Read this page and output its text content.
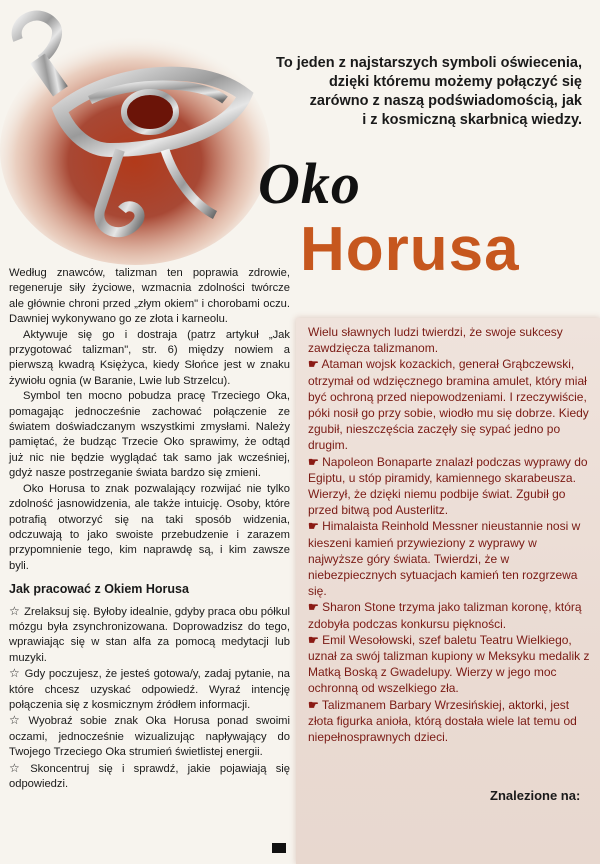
To jeden z najstarszych symboli oświecenia,
dzięki któremu możemy połączyć się
zarówno z naszą podświadomością, jak
i z kosmiczną skarbnicą wiedzy.
Oko
Horusa

Według znawców, talizman ten poprawia zdrowie, regeneruje siły życiowe, wzmacnia zdolności twórcze ale głównie chroni przed „złym okiem" i chorobami oczu. Dawniej wykonywano go ze złota i karneolu.

Aktywuje się go i dostraja (patrz artykuł „Jak przygotować talizman", str. 6) między nowiem a pierwszą kwadrą Księżyca, kiedy Słońce jest w znaku żywiołu ognia (w Baranie, Lwie lub Strzelcu).

Symbol ten mocno pobudza pracę Trzeciego Oka, pomagając jednocześnie zachować połączenie ze światem doświadczanym wszystkimi zmysłami. Należy pamiętać, że budząc Trzecie Oko sprawimy, że odtąd już nic nie będzie wyglądać tak samo jak wcześniej, gdyż nasze postrzeganie świata bardzo się zmieni.

Oko Horusa to znak pozwalający rozwijać nie tylko zdolność jasnowidzenia, ale także intuicję. Osoby, które potrafią otworzyć się na taki sposób widzenia, odczuwają to jako swoiste przebudzenie i zarazem przypomnienie tego, kim naprawdę są, i kim zawsze byli.

Jak pracować z Okiem Horusa

☆ Zrelaksuj się. Byłoby idealnie, gdyby praca obu półkul mózgu była zsynchronizowana. Doprowadzisz do tego, wprawiając się w stan alfa za pomocą medytacji lub muzyki.

☆ Gdy poczujesz, że jesteś gotowa/y, zadaj pytanie, na które chcesz uzyskać odpowiedź. Wyraź intencję połączenia się z kosmicznym źródłem informacji.

☆ Wyobraź sobie znak Oka Horusa ponad swoimi oczami, jednocześnie wizualizując napływający do Twojego Trzeciego Oka strumień świetlistej energii.

☆ Skoncentruj się i sprawdź, jakie pojawiają się odpowiedzi.

Wielu sławnych ludzi twierdzi, że swoje sukcesy zawdzięcza talizmanom.

☛ Ataman wojsk kozackich, generał Grąbczewski, otrzymał od wdzięcznego bramina amulet, który miał być ochroną przed niepowodzeniami. I rzeczywiście, póki nosił go przy sobie, wiodło mu się dobrze. Kiedy zgubił, nieszczęścia zaczęły się sypać jedno po drugim.

☛ Napoleon Bonaparte znalazł podczas wyprawy do Egiptu, u stóp piramidy, kamiennego skarabeusza. Wierzył, że dzięki niemu podbije świat. Zgubił go przed bitwą pod Austerlitz.

☛ Himalaista Reinhold Messner nieustannie nosi w kieszeni kamień przywieziony z wyprawy w najwyższe góry świata. Twierdzi, że w niebezpiecznych sytuacjach kamień ten rozgrzewa się.

☛ Sharon Stone trzyma jako talizman koronę, którą zdobyła podczas konkursu piękności.

☛ Emil Wesołowski, szef baletu Teatru Wielkiego, uznał za swój talizman kupiony w Meksyku medalik z Matką Boską z Gwadelupy. Wierzy w jego moc ochronną od wszelkiego zła.

☛ Talizmanem Barbary Wrzesińskiej, aktorki, jest złota figurka anioła, którą dostała wiele lat temu od niepełnosprawnych dzieci.

Znalezione na:
